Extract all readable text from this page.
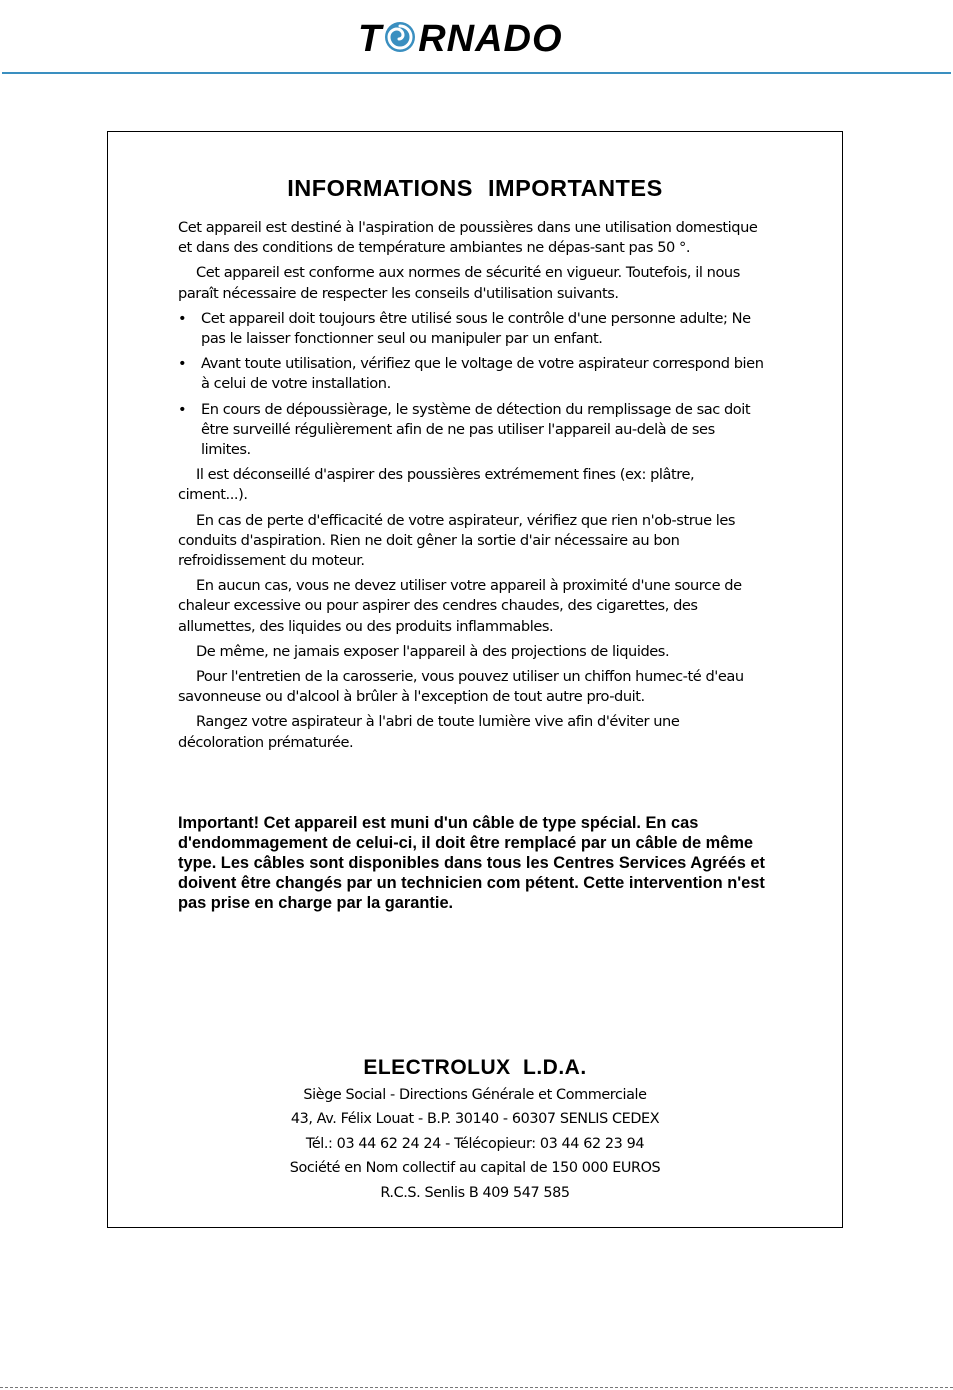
T RNADO
INFORMATIONS IMPORTANTES

Cet appareil est destiné à l'aspiration de poussières dans une utilisation domestique et dans des conditions de température ambiantes ne dépas-sant pas 50 °.

Cet appareil est conforme aux normes de sécurité en vigueur. Toutefois, il nous paraît nécessaire de respecter les conseils d'utilisation suivants.

• Cet appareil doit toujours être utilisé sous le contrôle d'une personne adulte; Ne pas le laisser fonctionner seul ou manipuler par un enfant.
• Avant toute utilisation, vérifiez que le voltage de votre aspirateur correspond bien à celui de votre installation.
• En cours de dépoussièrage, le système de détection du remplissage de sac doit être surveillé régulièrement afin de ne pas utiliser l'appareil au-delà de ses limites.

Il est déconseillé d'aspirer des poussières extrémement fines (ex: plâtre, ciment...).

En cas de perte d'efficacité de votre aspirateur, vérifiez que rien n'ob-strue les conduits d'aspiration. Rien ne doit gêner la sortie d'air nécessaire au bon refroidissement du moteur.

En aucun cas, vous ne devez utiliser votre appareil à proximité d'une source de chaleur excessive ou pour aspirer des cendres chaudes, des cigarettes, des allumettes, des liquides ou des produits inflammables.

De même, ne jamais exposer l'appareil à des projections de liquides.

Pour l'entretien de la carosserie, vous pouvez utiliser un chiffon humec-té d'eau savonneuse ou d'alcool à brûler à l'exception de tout autre pro-duit.

Rangez votre aspirateur à l'abri de toute lumière vive afin d'éviter une décoloration prématurée.

Important! Cet appareil est muni d'un câble de type spécial. En cas d'endommagement de celui-ci, il doit être remplacé par un câble de même type. Les câbles sont disponibles dans tous les Centres Services Agréés et doivent être changés par un technicien com pétent. Cette intervention n'est pas prise en charge par la garantie.
ELECTROLUX L.D.A.
Siège Social - Directions Générale et Commerciale
43, Av. Félix Louat - B.P. 30140 - 60307 SENLIS CEDEX
Tél.: 03 44 62 24 24 - Télécopieur: 03 44 62 23 94
Société en Nom collectif au capital de 150 000 EUROS
R.C.S. Senlis B 409 547 585
